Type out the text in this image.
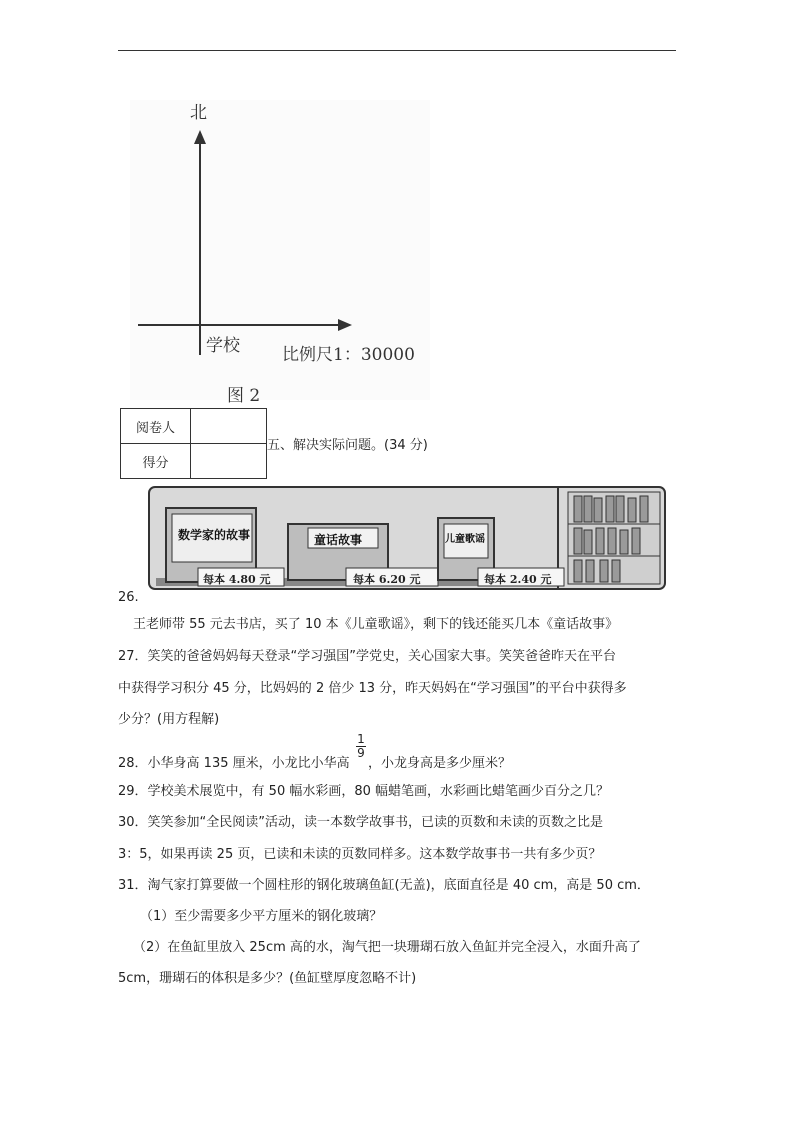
北
学校 比例尺1：30000
图 2
阅卷人	
得分	
五、解决实际问题。(34 分)
数学家的故事
每本 4.80 元
童话故事
每本 6.20 元
儿童歌谣
每本 2.40 元
26.
王老师带 55 元去书店，买了 10 本《儿童歌谣》，剩下的钱还能买几本《童话故事》
27．笑笑的爸爸妈妈每天登录“学习强国”学党史，关心国家大事。笑笑爸爸昨天在平台
中获得学习积分 45 分，比妈妈的 2 倍少 13 分，昨天妈妈在“学习强国”的平台中获得多
少分？(用方程解)
$\frac{1}{9}$
28．小华身高 135 厘米，小龙比小华高 ，小龙身高是多少厘米？
29．学校美术展览中，有 50 幅水彩画，80 幅蜡笔画，水彩画比蜡笔画少百分之几？
30．笑笑参加“全民阅读”活动，读一本数学故事书，已读的页数和未读的页数之比是
3：5，如果再读 25 页，已读和未读的页数同样多。这本数学故事书一共有多少页？
31．淘气家打算要做一个圆柱形的钢化玻璃鱼缸(无盖)，底面直径是 40 cm，高是 50 cm．
（1）至少需要多少平方厘米的钢化玻璃？
（2）在鱼缸里放入 25cm 高的水，淘气把一块珊瑚石放入鱼缸并完全浸入，水面升高了
5cm，珊瑚石的体积是多少？(鱼缸壁厚度忽略不计)
